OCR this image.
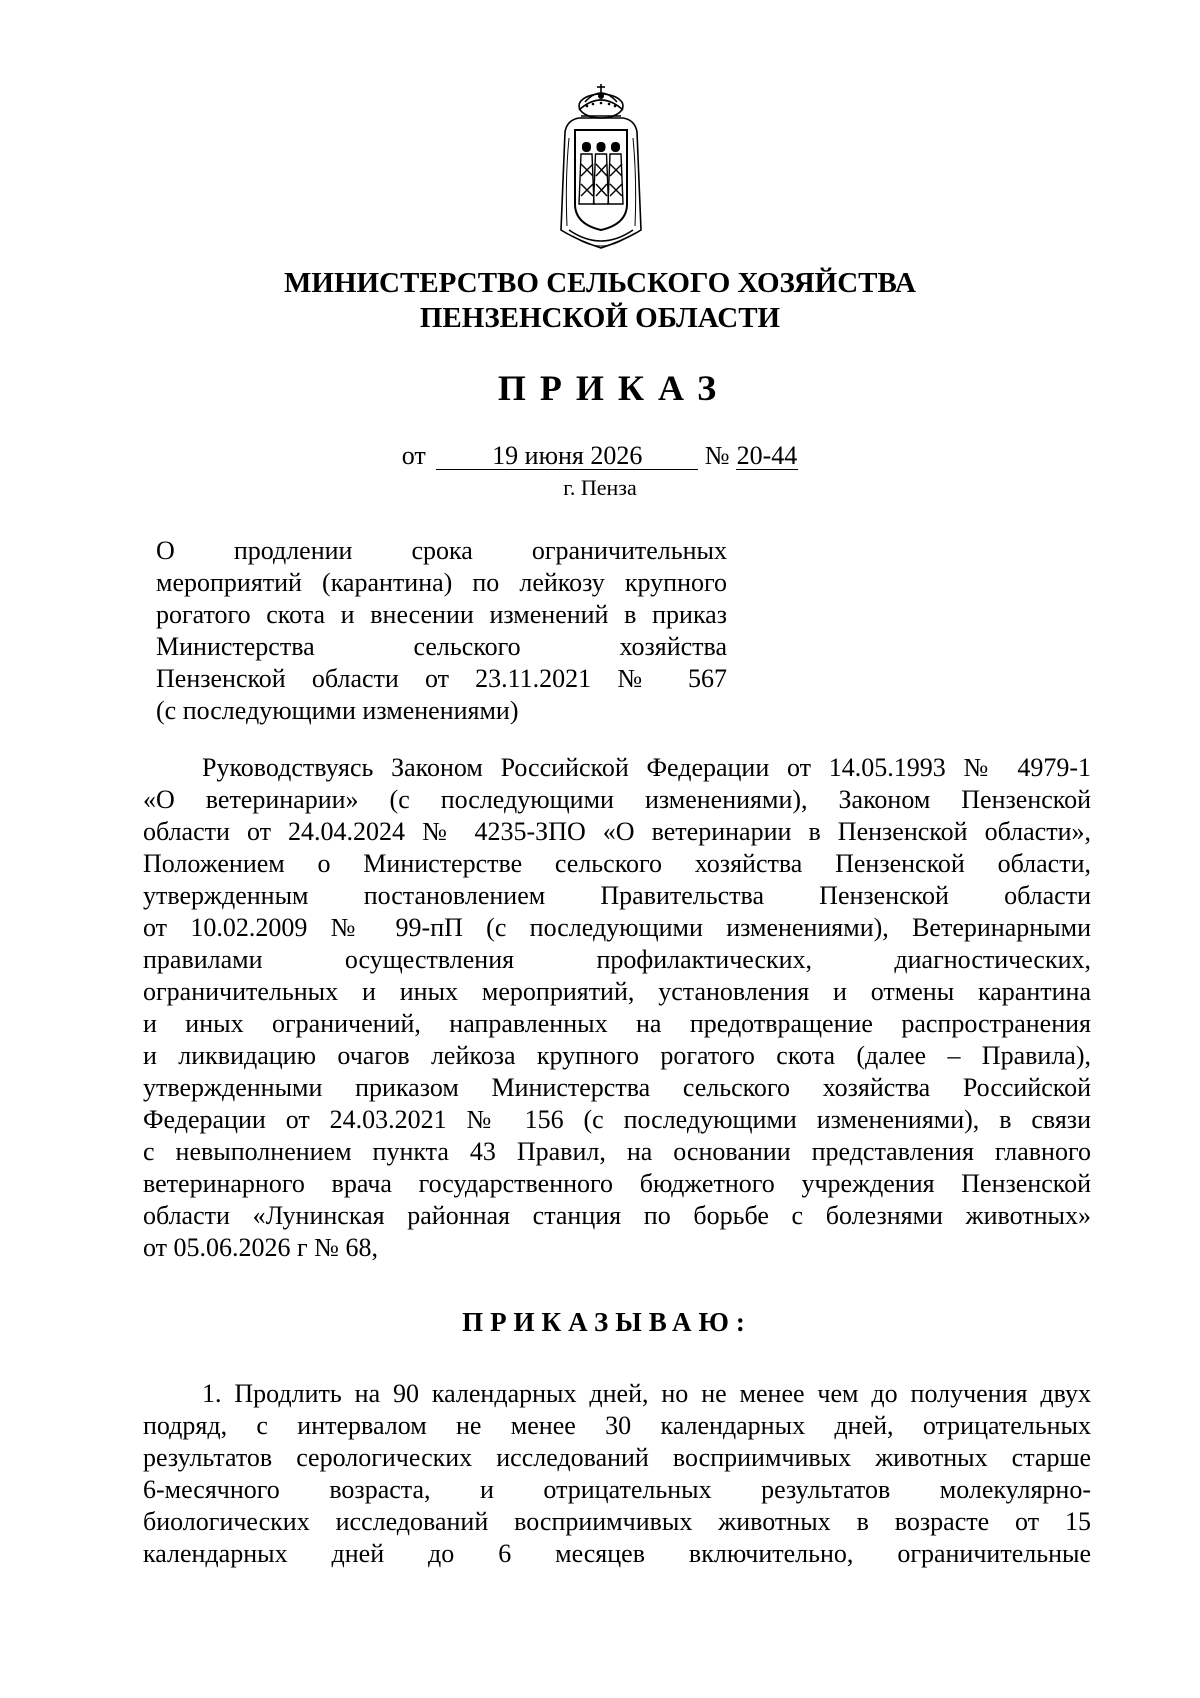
МИНИСТЕРСТВО СЕЛЬСКОГО ХОЗЯЙСТВА
ПЕНЗЕНСКОЙ ОБЛАСТИ
ПРИКАЗ
от	19 июня 2026 № 20-44
г. Пенза
О продлении срока ограничительных
мероприятий (карантина) по лейкозу крупного
рогатого скота и внесении изменений в приказ
Министерства сельского хозяйства
Пензенской области от 23.11.2021 № 567
(с последующими изменениями)
Руководствуясь Законом Российской Федерации от 14.05.1993 № 4979-1
«О ветеринарии» (с последующими изменениями), Законом Пензенской
области от 24.04.2024 № 4235-ЗПО «О ветеринарии в Пензенской области»,
Положением о Министерстве сельского хозяйства Пензенской области,
утвержденным постановлением Правительства Пензенской области
от 10.02.2009 № 99-пП (с последующими изменениями), Ветеринарными
правилами осуществления профилактических, диагностических,
ограничительных и иных мероприятий, установления и отмены карантина
и иных ограничений, направленных на предотвращение распространения
и ликвидацию очагов лейкоза крупного рогатого скота (далее – Правила),
утвержденными приказом Министерства сельского хозяйства Российской
Федерации от 24.03.2021 № 156 (с последующими изменениями), в связи
с невыполнением пункта 43 Правил, на основании представления главного
ветеринарного врача государственного бюджетного учреждения Пензенской
области «Лунинская районная станция по борьбе с болезнями животных»
от 05.06.2026 г № 68,
ПРИКАЗЫВАЮ:
1. Продлить на 90 календарных дней, но не менее чем до получения двух
подряд, с интервалом не менее 30 календарных дней, отрицательных
результатов серологических исследований восприимчивых животных старше
6-месячного возраста, и отрицательных результатов молекулярно-
биологических исследований восприимчивых животных в возрасте от 15
календарных дней до 6 месяцев включительно, ограничительные
